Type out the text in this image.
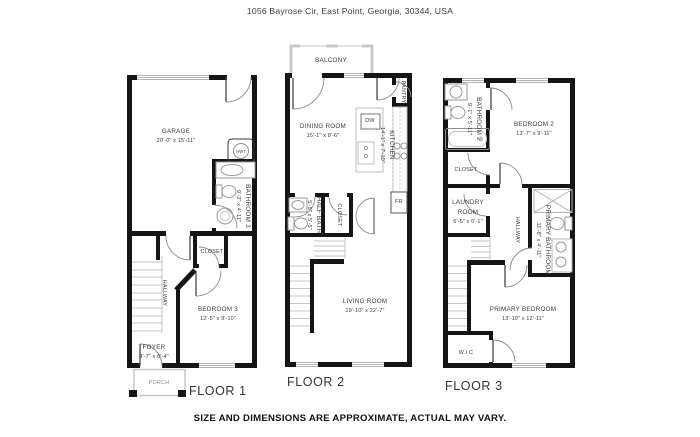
1056 Bayrose Cir, East Point, Georgia, 30344, USA
GARAGE
20'-0" x 15'-11"
HWT
BATHROOM 3
9'-2" x 4'-11"
CLOSET
HALLWAY
BEDROOM 3
12'-5" x 9'-10"
FOYER
4'-7" x 6'-4"
PORCH
FLOOR 1
BALCONY
DINING ROOM
15'-1" x 8'-6"
PANTRY
KITCHEN
14'-1" x 7'-10"
DW
FR
HALF BATH
5'-5" x 5'-5"	CLOSET
LIVING ROOM
19'-10" x 22'-7"
FLOOR 2
BATHROOM 2
9'-1" x 5'-11"	BEDROOM 2
13'-7" x 9'-11"
CLOSET
LAUNDRY ROOM
6'-5" x 6'-1"	HALLWAY	PRIMARY BATHROOM
11'-8" x 4'-11"
PRIMARY BEDROOM
13'-10" x 12'-11"
W.I.C
FLOOR 3
SIZE AND DIMENSIONS ARE APPROXIMATE, ACTUAL MAY VARY.
